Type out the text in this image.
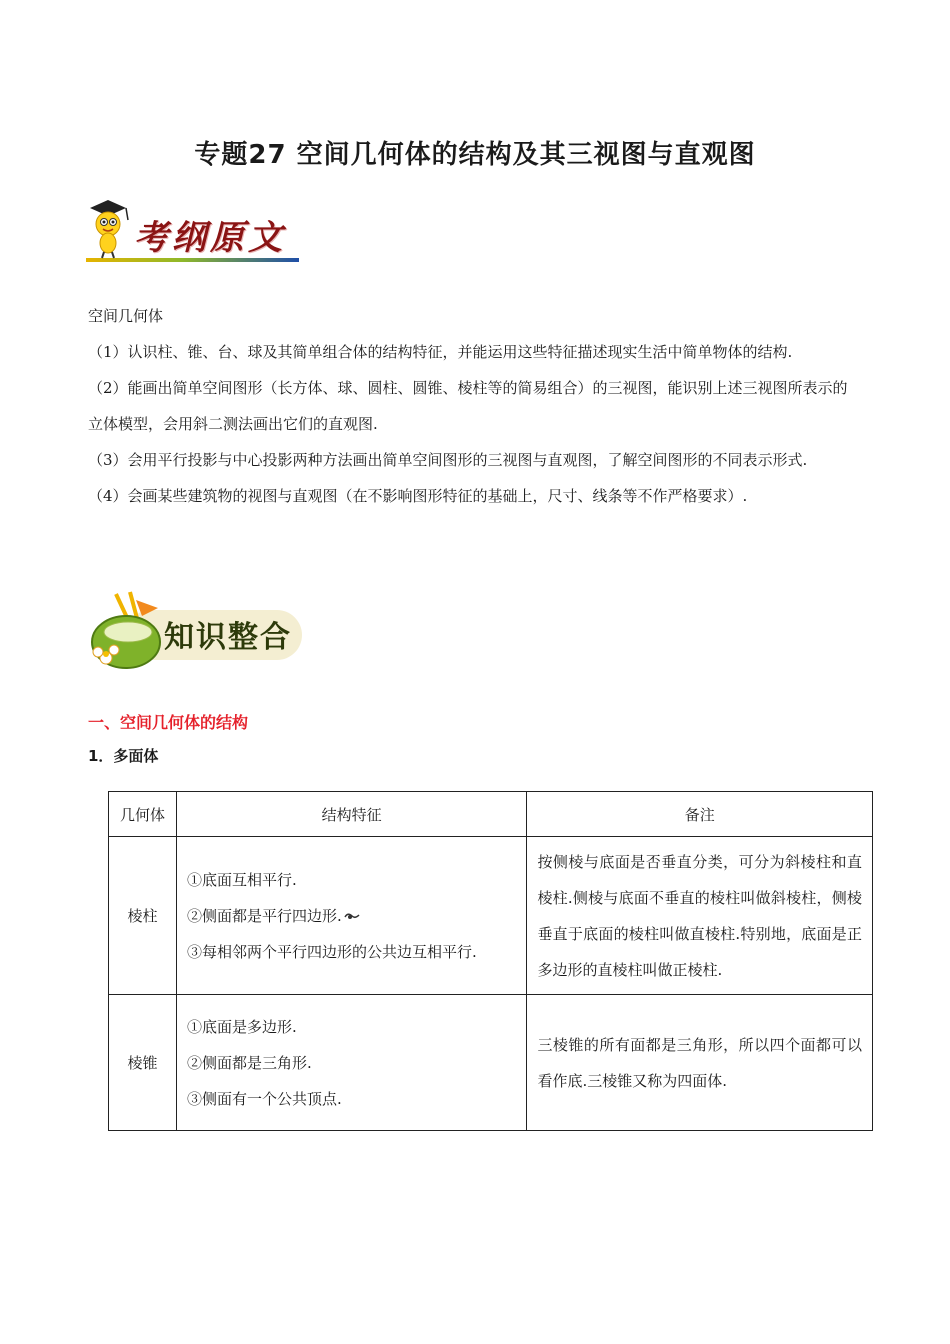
专题27 空间几何体的结构及其三视图与直观图
考纲原文

空间几何体

（1）认识柱、锥、台、球及其简单组合体的结构特征，并能运用这些特征描述现实生活中简单物体的结构.

（2）能画出简单空间图形（长方体、球、圆柱、圆锥、棱柱等的简易组合）的三视图，能识别上述三视图所表示的立体模型，会用斜二测法画出它们的直观图.

（3）会用平行投影与中心投影两种方法画出简单空间图形的三视图与直观图，了解空间图形的不同表示形式.

（4）会画某些建筑物的视图与直观图（在不影响图形特征的基础上，尺寸、线条等不作严格要求）.

知识整合
一、空间几何体的结构
1．多面体
几何体	结构特征	备注
棱柱	①底面互相平行.
②侧面都是平行四边形.
③每相邻两个平行四边形的公共边互相平行.	按侧棱与底面是否垂直分类，可分为斜棱柱和直棱柱.侧棱与底面不垂直的棱柱叫做斜棱柱，侧棱垂直于底面的棱柱叫做直棱柱.特别地，底面是正多边形的直棱柱叫做正棱柱.
棱锥	①底面是多边形.
②侧面都是三角形.
③侧面有一个公共顶点.	三棱锥的所有面都是三角形，所以四个面都可以看作底.三棱锥又称为四面体.
